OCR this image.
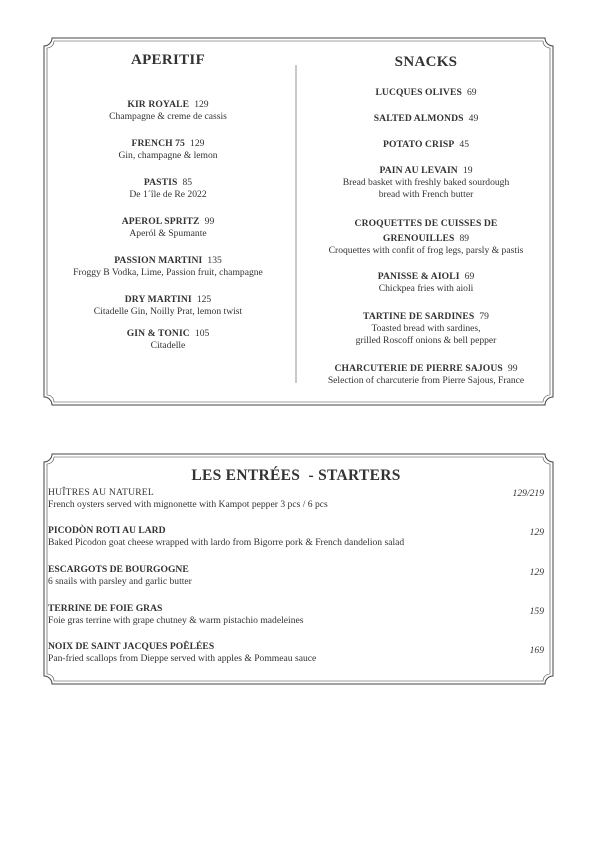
APERITIF
KIR ROYALE 129
Champagne & creme de cassis
FRENCH 75 129
Gin, champagne & lemon
PASTIS 85
De 1´île de Re 2022
APEROL SPRITZ 99
Aperól & Spumante
PASSION MARTINI 135
Froggy B Vodka, Lime, Passion fruit, champagne
DRY MARTINI 125
Citadelle Gin, Noilly Prat, lemon twist
GIN & TONIC 105
Citadelle
SNACKS
LUCQUES OLIVES 69
SALTED ALMONDS 49
POTATO CRISP 45
PAIN AU LEVAIN 19
Bread basket with freshly baked sourdough
bread with French butter
CROQUETTES DE CUISSES DE
GRENOUILLES 89
Croquettes with confit of frog legs, parsly & pastis
PANISSE & AIOLI 69
Chickpea fries with aioli
TARTINE DE SARDINES 79
Toasted bread with sardines,
grilled Roscoff onions & bell pepper
CHARCUTERIE DE PIERRE SAJOUS 99
Selection of charcuterie from Pierre Sajous, France
LES ENTRÉES  - STARTERS
HUÎTRES AU NATUREL
French oysters served with mignonette with Kampot pepper 3 pcs / 6 pcs
129/219
PICODÒN ROTI AU LARD
Baked Picodon goat cheese wrapped with lardo from Bigorre pork & French dandelion salad
129
ESCARGOTS DE BOURGOGNE
6 snails with parsley and garlic butter
129
TERRINE DE FOIE GRAS
Foie gras terrine with grape chutney & warm pistachio madeleines
159
NOIX DE SAINT JACQUES POÊLÉES
Pan-fried scallops from Dieppe served with apples & Pommeau sauce
169
